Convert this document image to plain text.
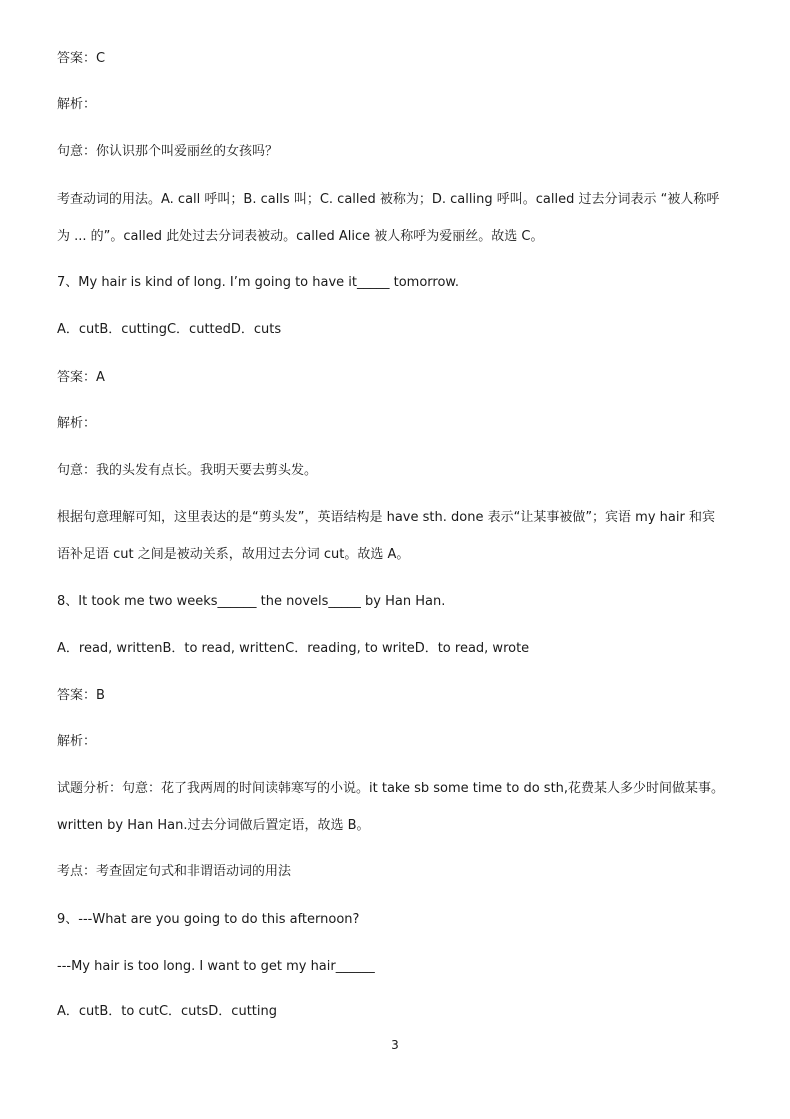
答案：C
解析：
句意：你认识那个叫爱丽丝的女孩吗？
考查动词的用法。A. call 呼叫；B. calls 叫；C. called 被称为；D. calling 呼叫。called 过去分词表示 “被人称呼
为 ... 的”。called 此处过去分词表被动。called Alice 被人称呼为爱丽丝。故选 C。
7、My hair is kind of long. I’m going to have it_____ tomorrow.
A．cutB．cuttingC．cuttedD．cuts
答案：A
解析：
句意：我的头发有点长。我明天要去剪头发。
根据句意理解可知，这里表达的是“剪头发”，英语结构是 have sth. done 表示“让某事被做”；宾语 my hair 和宾
语补足语 cut 之间是被动关系，故用过去分词 cut。故选 A。
8、It took me two weeks______ the novels_____ by Han Han.
A．read, writtenB．to read, writtenC．reading, to writeD．to read, wrote
答案：B
解析：
试题分析：句意：花了我两周的时间读韩寒写的小说。it take sb some time to do sth,花费某人多少时间做某事。
written by Han Han.过去分词做后置定语，故选 B。
考点：考查固定句式和非谓语动词的用法
9、---What are you going to do this afternoon?
---My hair is too long. I want to get my hair______
A．cutB．to cutC．cutsD．cutting
3
